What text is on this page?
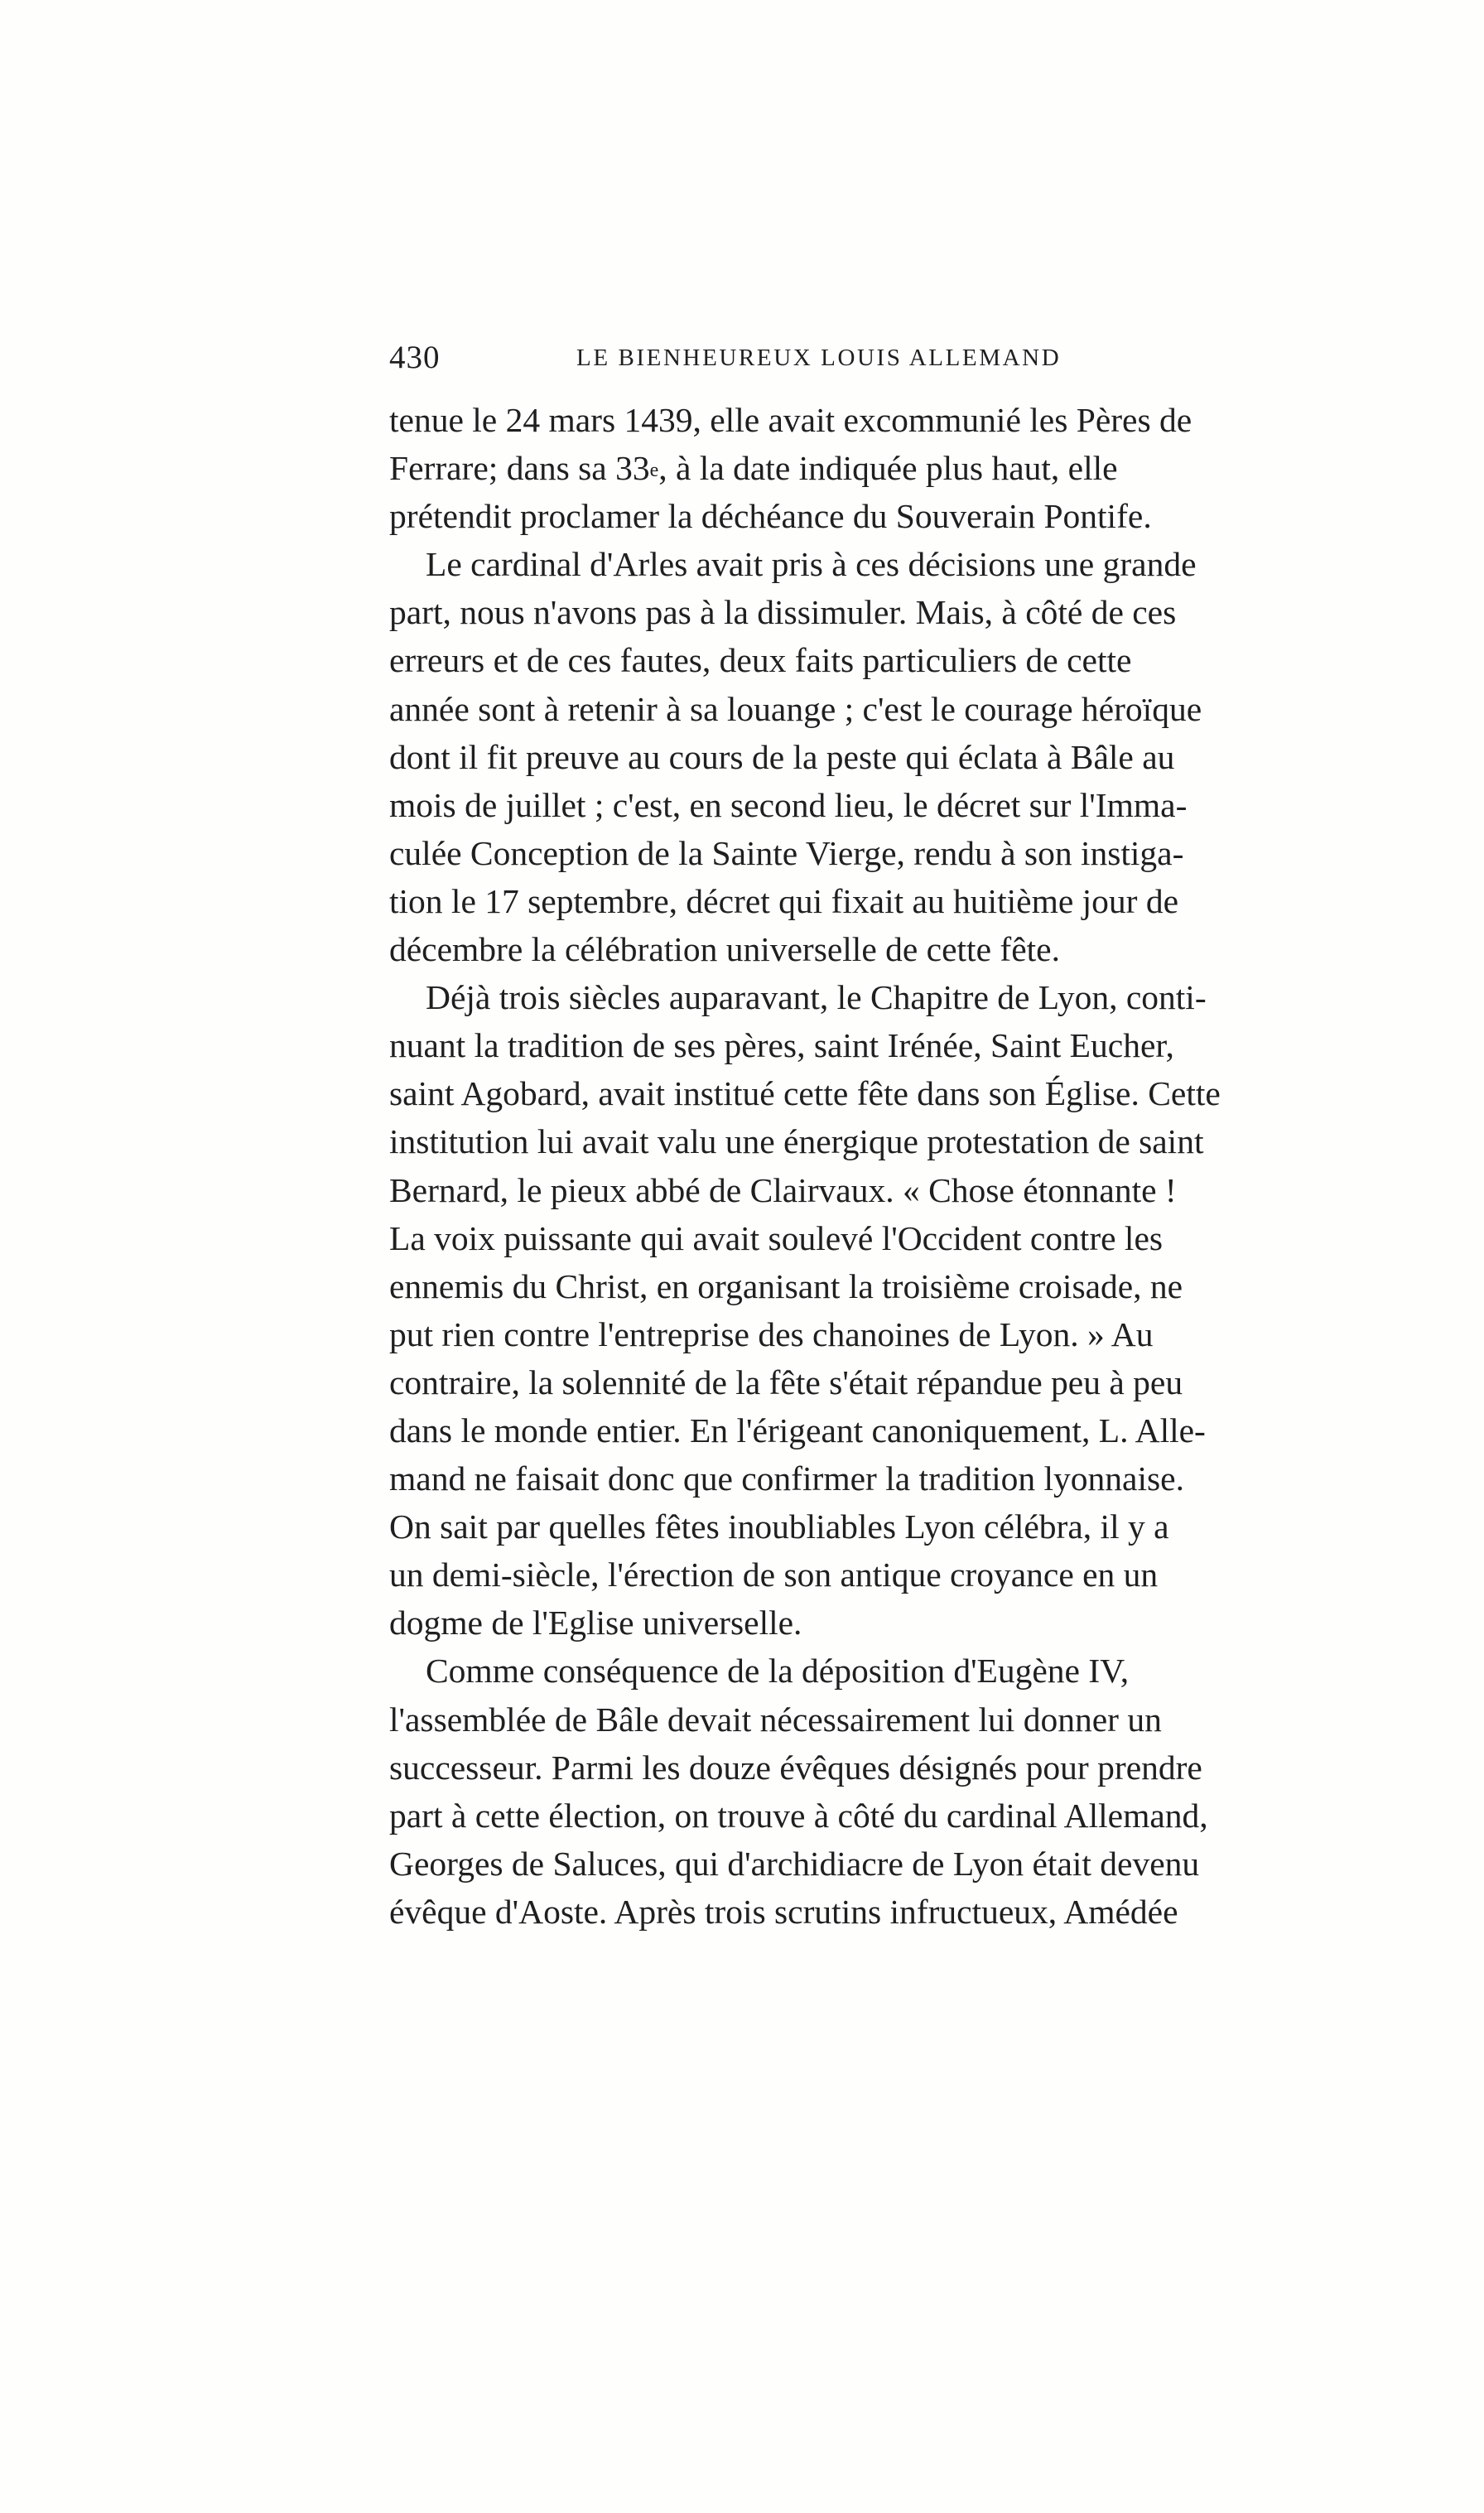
430	LE BIENHEUREUX LOUIS ALLEMAND
tenue le 24 mars 1439, elle avait excommunié les Pères de
Ferrare; dans sa 33e, à la date indiquée plus haut, elle
prétendit proclamer la déchéance du Souverain Pontife.
Le cardinal d'Arles avait pris à ces décisions une grande
part, nous n'avons pas à la dissimuler. Mais, à côté de ces
erreurs et de ces fautes, deux faits particuliers de cette
année sont à retenir à sa louange ; c'est le courage héroïque
dont il fit preuve au cours de la peste qui éclata à Bâle au
mois de juillet ; c'est, en second lieu, le décret sur l'Imma-
culée Conception de la Sainte Vierge, rendu à son instiga-
tion le 17 septembre, décret qui fixait au huitième jour de
décembre la célébration universelle de cette fête.
Déjà trois siècles auparavant, le Chapitre de Lyon, conti-
nuant la tradition de ses pères, saint Irénée, Saint Eucher,
saint Agobard, avait institué cette fête dans son Église. Cette
institution lui avait valu une énergique protestation de saint
Bernard, le pieux abbé de Clairvaux. « Chose étonnante !
La voix puissante qui avait soulevé l'Occident contre les
ennemis du Christ, en organisant la troisième croisade, ne
put rien contre l'entreprise des chanoines de Lyon. » Au
contraire, la solennité de la fête s'était répandue peu à peu
dans le monde entier. En l'érigeant canoniquement, L. Alle-
mand ne faisait donc que confirmer la tradition lyonnaise.
On sait par quelles fêtes inoubliables Lyon célébra, il y a
un demi-siècle, l'érection de son antique croyance en un
dogme de l'Eglise universelle.
Comme conséquence de la déposition d'Eugène IV,
l'assemblée de Bâle devait nécessairement lui donner un
successeur. Parmi les douze évêques désignés pour prendre
part à cette élection, on trouve à côté du cardinal Allemand,
Georges de Saluces, qui d'archidiacre de Lyon était devenu
évêque d'Aoste. Après trois scrutins infructueux, Amédée
